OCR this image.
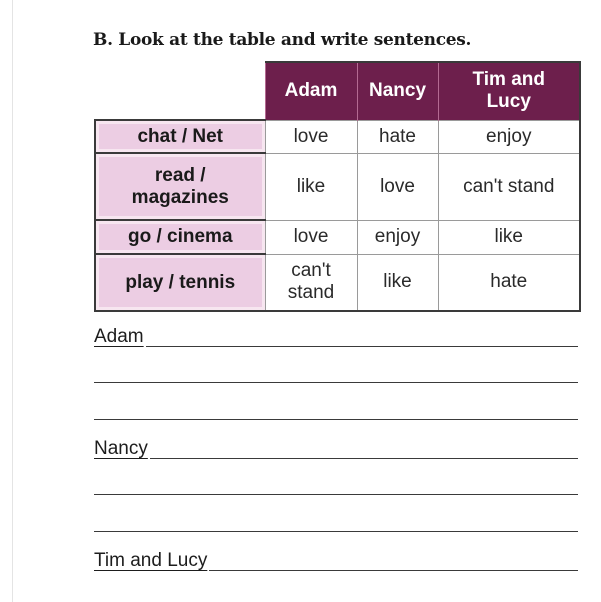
B. Look at the table and write sentences.
	Adam	Nancy	Tim and Lucy
chat / Net	love	hate	enjoy
read / magazines	like	love	can't stand
go / cinema	love	enjoy	like
play / tennis	can't stand	like	hate
Adam
Nancy
Tim and Lucy
